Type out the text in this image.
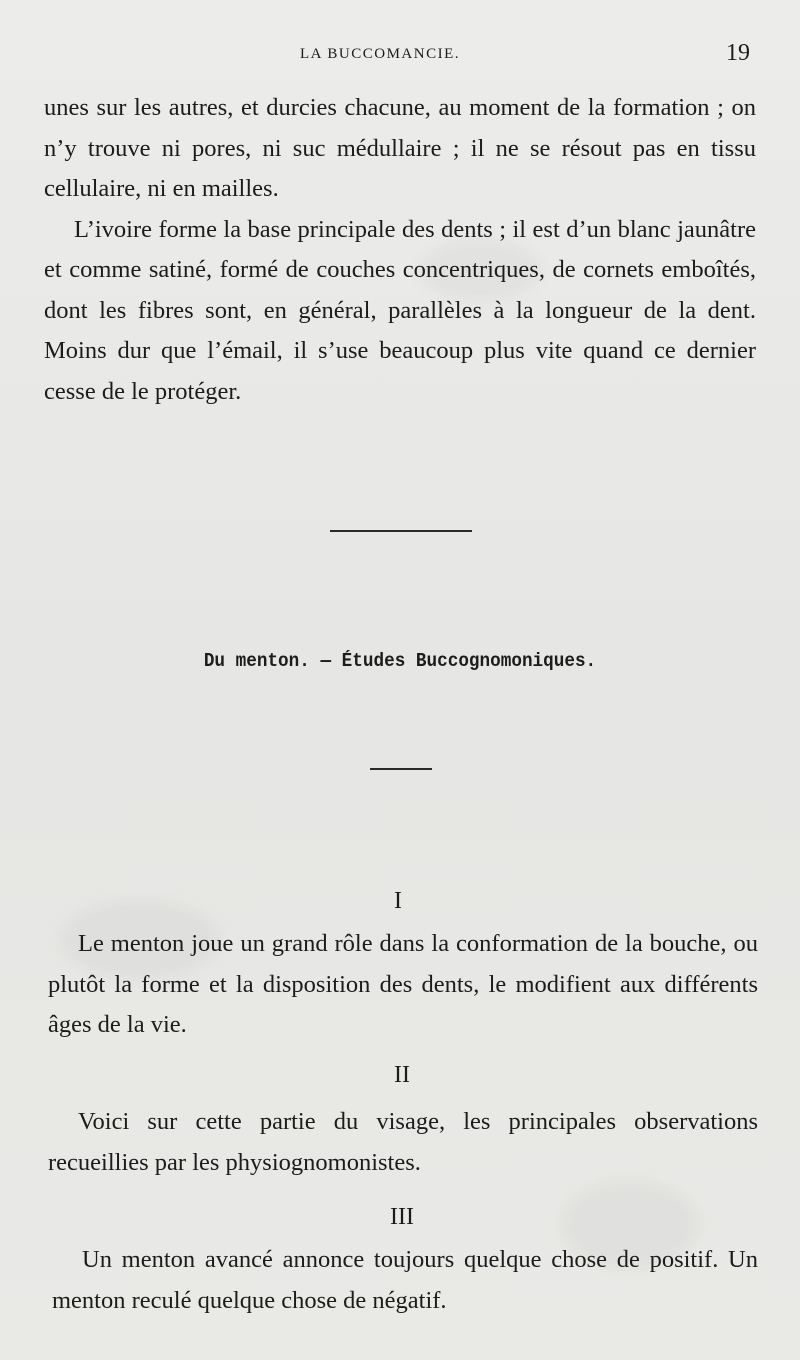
LA BUCCOMANCIE.	19

unes sur les autres, et durcies chacune, au moment de la formation ; on n’y trouve ni pores, ni suc médullaire ; il ne se résout pas en tissu cellulaire, ni en mailles.

L’ivoire forme la base principale des dents ; il est d’un blanc jaunâtre et comme satiné, formé de couches concentriques, de cornets emboîtés, dont les fibres sont, en général, parallèles à la longueur de la dent. Moins dur que l’émail, il s’use beaucoup plus vite quand ce dernier cesse de le protéger.

Du menton. — Études Buccognomoniques.
I

Le menton joue un grand rôle dans la conformation de la bouche, ou plutôt la forme et la disposition des dents, le modifient aux différents âges de la vie.

II

Voici sur cette partie du visage, les principales observations recueillies par les physiognomonistes.

III

Un menton avancé annonce toujours quelque chose de positif. Un menton reculé quelque chose de négatif.
